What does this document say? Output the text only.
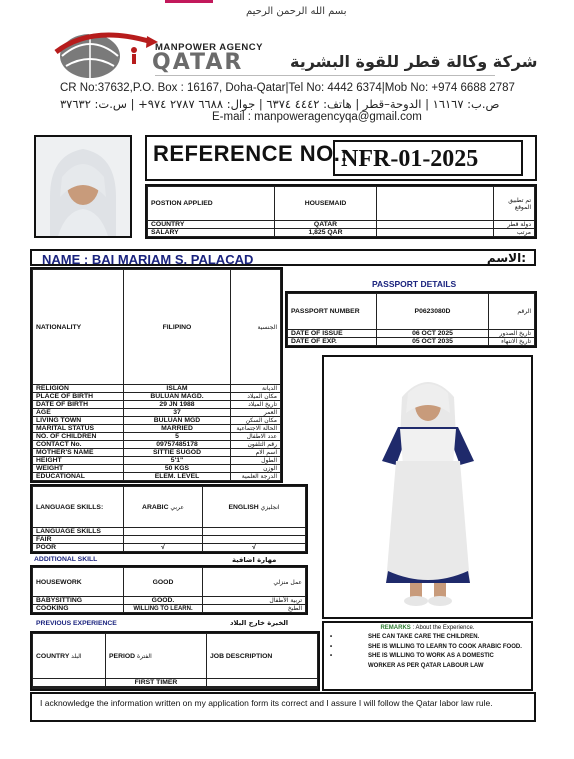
بسم الله الرحمن الرحيم
MANPOWER AGENCY
QATAR	شركة وكالة قطر للقوة البشرية
CR No:37632,P.O. Box : 16167, Doha-Qatar|Tel No: 4442 6374|Mob No: +974 6688 2787
ص.ب: ١٦١٦٧ | الدوحة–قطر | هاتف: ٤٤٤٢ ٦٣٧٤ | جوال: ٦٦٨٨ ٢٧٨٧ ٩٧٤+ | س.ت: ٣٧٦٣٢
E-mail : manpoweragencyqa@gmail.com
REFERENCE NO.:
NFR-01-2025
POSTION APPLIED	HOUSEMAID		تم تطبيق الموقع
COUNTRY	QATAR		دولة قطر
SALARY	1,825 QAR		مرتب
NAME : BAI MARIAM S. PALACAD	الاسم:
NATIONALITY	FILIPINO	الجنسية
RELIGION	ISLAM	الديانة
PLACE OF BIRTH	BULUAN MAGD.	مكان الميلاد
DATE OF BIRTH	29 JN 1988	تاريخ الميلاد
AGE	37	العمر
LIVING TOWN	BULUAN MGD	مكان السكن
MARITAL STATUS	MARRIED	الحالة الاجتماعية
NO. OF CHILDREN	5	عدد الاطفال
CONTACT No.	09757485178	رقم التلفون
MOTHER'S NAME	SITTIE SUGOD	اسم الام
HEIGHT	5'1"	الطول
WEIGHT	50 KGS	الوزن
EDUCATIONAL	ELEM. LEVEL	الدرجة العلمية
PASSPORT DETAILS
PASSPORT NUMBER	P0623080D	الرقم
DATE OF ISSUE	06 OCT 2025	تاريخ الصدور
DATE OF EXP.	05 OCT 2035	تاريخ الانتهاء
LANGUAGE SKILLS:	ARABIC عربي	ENGLISH انجليزي
LANGUAGE SKILLS		
FAIR		
POOR	√	√
ADDITIONAL SKILL	مهارة اضافية
HOUSEWORK	GOOD	عمل منزلي
BABYSITTING	GOOD.	تربية الأطفال
COOKING	WILLING TO LEARN.	الطبخ
PREVIOUS EXPERIENCE	الخبرة خارج البلاد
COUNTRY البلد	PERIOD الفترة	JOB DESCRIPTION
	FIRST TIMER	

REMARKS : About the Experience.
•	SHE CAN TAKE CARE THE CHILDREN.
•	SHE IS WILLING TO LEARN TO COOK ARABIC FOOD.
•	SHE IS WILLING TO WORK AS A DOMESTIC
WORKER AS PER QATAR LABOUR LAW
I acknowledge the information written on my application form its correct and I assure I will follow the Qatar labor law rule.
